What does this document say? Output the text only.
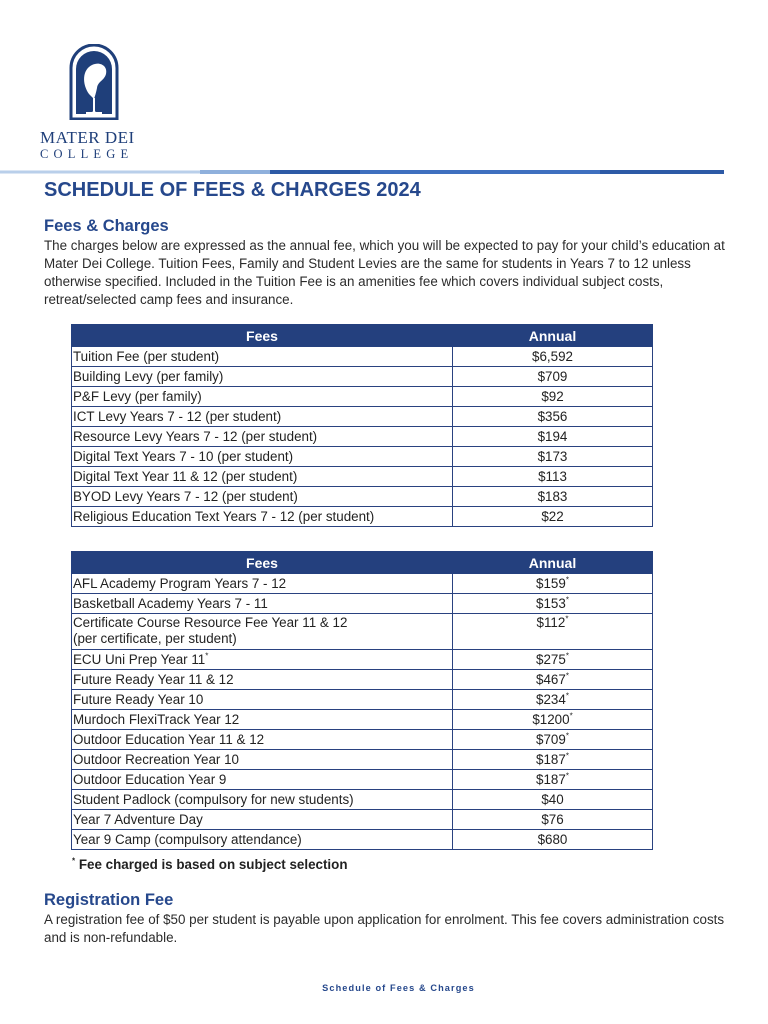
MATER DEI

COLLEGE

SCHEDULE OF FEES & CHARGES 2024
Fees & Charges

The charges below are expressed as the annual fee, which you will be expected to pay for your child’s education at Mater Dei College. Tuition Fees, Family and Student Levies are the same for students in Years 7 to 12 unless otherwise specified. Included in the Tuition Fee is an amenities fee which covers individual subject costs, retreat/selected camp fees and insurance.

Fees	Annual
Tuition Fee (per student)	$6,592
Building Levy (per family)	$709
P&F Levy (per family)	$92
ICT Levy Years 7 - 12 (per student)	$356
Resource Levy Years 7 - 12 (per student)	$194
Digital Text Years 7 - 10 (per student)	$173
Digital Text Year 11 & 12 (per student)	$113
BYOD Levy Years 7 - 12 (per student)	$183
Religious Education Text Years 7 - 12 (per student)	$22
Fees	Annual
AFL Academy Program Years 7 - 12	$159*
Basketball Academy Years 7 - 11	$153*
Certificate Course Resource Fee Year 11 & 12
(per certificate, per student)	$112*
ECU Uni Prep Year 11*	$275*
Future Ready Year 11 & 12	$467*
Future Ready Year 10	$234*
Murdoch FlexiTrack Year 12	$1200*
Outdoor Education Year 11 & 12	$709*
Outdoor Recreation Year 10	$187*
Outdoor Education Year 9	$187*
Student Padlock (compulsory for new students)	$40
Year 7 Adventure Day	$76
Year 9 Camp (compulsory attendance)	$680

* Fee charged is based on subject selection

Registration Fee

A registration fee of $50 per student is payable upon application for enrolment. This fee covers administration costs and is non-refundable.

Schedule of Fees & Charges
